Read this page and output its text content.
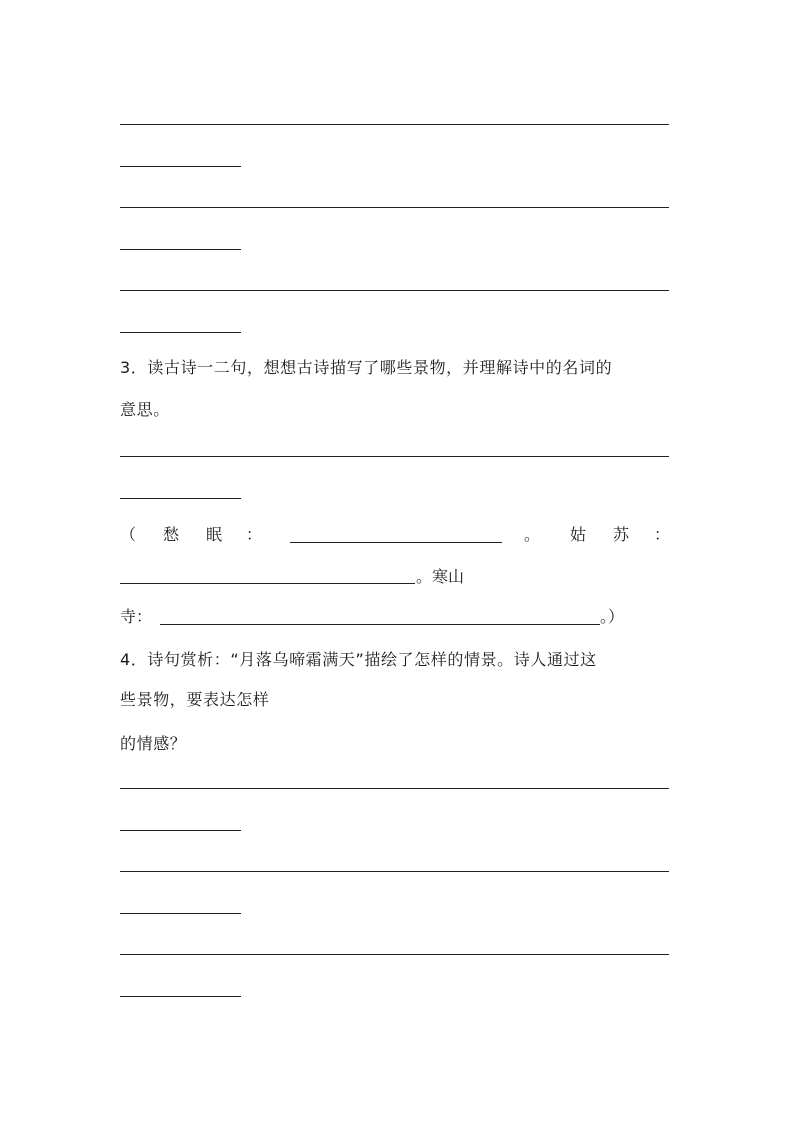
3．读古诗一二句，想想古诗描写了哪些景物，并理解诗中的名词的
意思。
（ 愁 眠 ：	。 姑 苏 ：
。寒山
寺：	。）
4．诗句赏析：“月落乌啼霜满天”描绘了怎样的情景。诗人通过这
些景物，要表达怎样
的情感？
